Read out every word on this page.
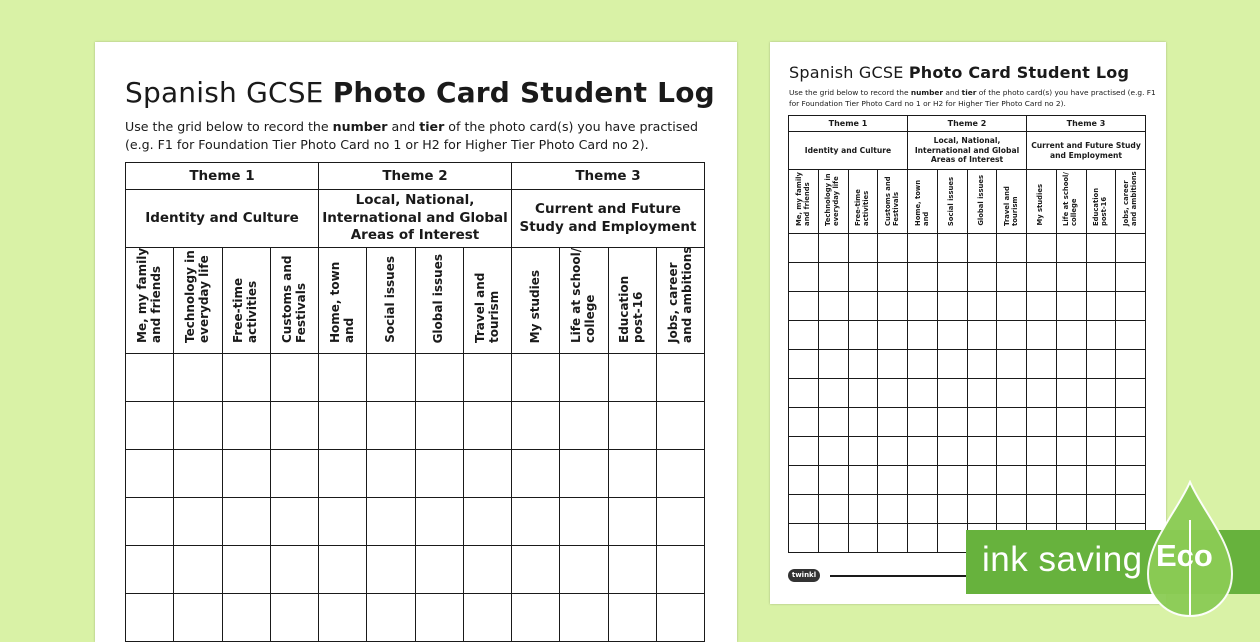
Spanish GCSE Photo Card Student Log
Use the grid below to record the number and tier of the photo card(s) you have practised (e.g. F1 for Foundation Tier Photo Card no 1 or H2 for Higher Tier Photo Card no 2).
Theme 1				Theme 2				Theme 3			
Identity and Culture				Local, National, International and Global Areas of Interest				Current and Future Study and Employment			
Me, my family and friends	Technology in everyday life	Free-time activities	Customs and Festivals	Home, town and	Social issues	Global issues	Travel and tourism	My studies	Life at school/ college	Education post-16	Jobs, career and ambitions

Spanish GCSE Photo Card Student Log
Use the grid below to record the number and tier of the photo card(s) you have practised (e.g. F1 for Foundation Tier Photo Card no 1 or H2 for Higher Tier Photo Card no 2).
Theme 1				Theme 2				Theme 3			
Identity and Culture				Local, National, International and Global Areas of Interest				Current and Future Study and Employment			
Me, my family and friends	Technology in everyday life	Free-time activities	Customs and Festivals	Home, town and	Social issues	Global issues	Travel and tourism	My studies	Life at school/ college	Education post-16	Jobs, career and ambitions

twinkl	ink saving Eco
